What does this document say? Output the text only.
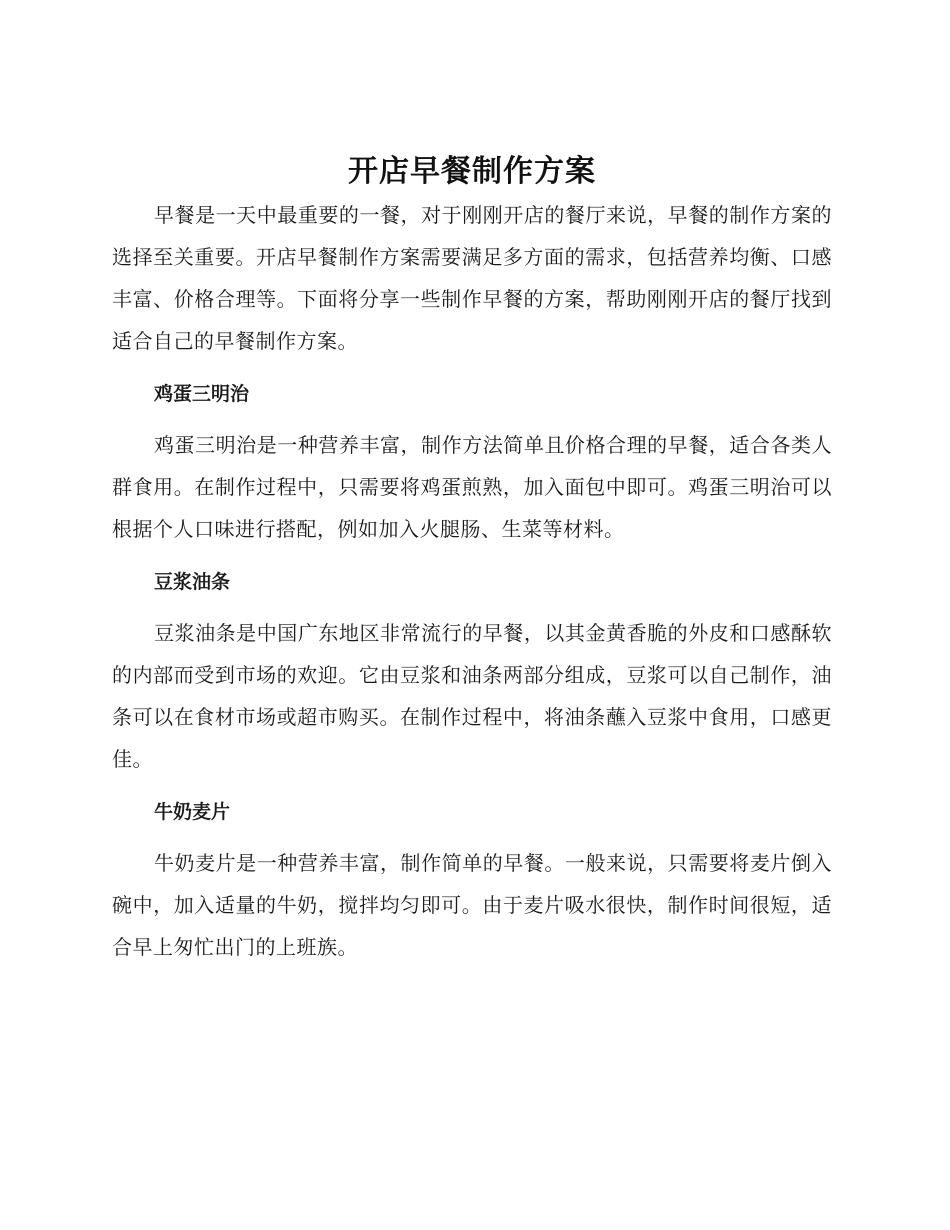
开店早餐制作方案

早餐是一天中最重要的一餐，对于刚刚开店的餐厅来说，早餐的制作方案的选择至关重要。开店早餐制作方案需要满足多方面的需求，包括营养均衡、口感丰富、价格合理等。下面将分享一些制作早餐的方案，帮助刚刚开店的餐厅找到适合自己的早餐制作方案。

鸡蛋三明治

鸡蛋三明治是一种营养丰富，制作方法简单且价格合理的早餐，适合各类人群食用。在制作过程中，只需要将鸡蛋煎熟，加入面包中即可。鸡蛋三明治可以根据个人口味进行搭配，例如加入火腿肠、生菜等材料。

豆浆油条

豆浆油条是中国广东地区非常流行的早餐，以其金黄香脆的外皮和口感酥软的内部而受到市场的欢迎。它由豆浆和油条两部分组成，豆浆可以自己制作，油条可以在食材市场或超市购买。在制作过程中，将油条蘸入豆浆中食用，口感更佳。

牛奶麦片

牛奶麦片是一种营养丰富，制作简单的早餐。一般来说，只需要将麦片倒入碗中，加入适量的牛奶，搅拌均匀即可。由于麦片吸水很快，制作时间很短，适合早上匆忙出门的上班族。
